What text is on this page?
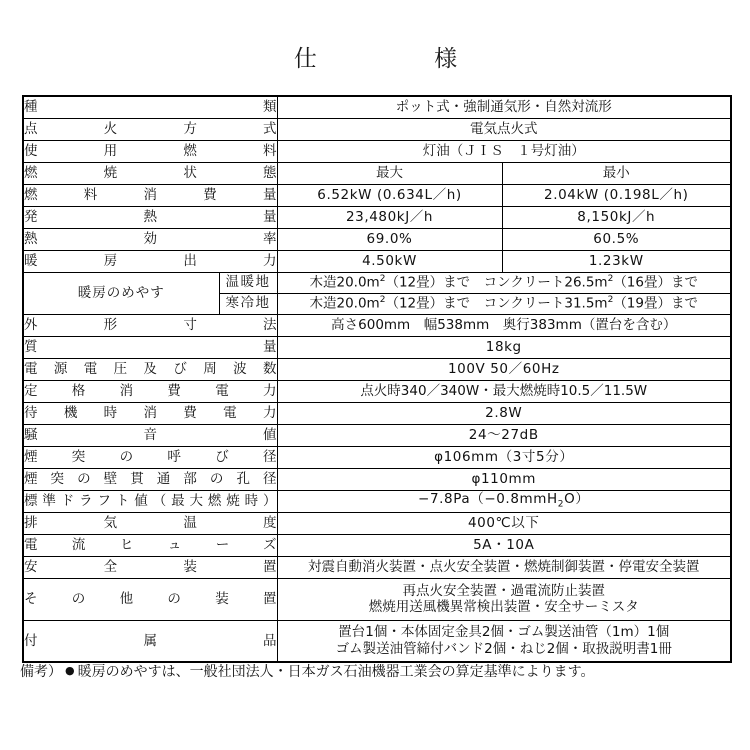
仕              様
種類		ポット式・強制通気形・自然対流形	
点火方式		電気点火式	
使用燃料		灯油（ＪＩＳ　１号灯油）	
燃焼状態		最大	最小
燃料消費量		6.52kW (0.634L／h)	2.04kW (0.198L／h)
発熱量		23,480kJ／h	8,150kJ／h
熱効率		69.0%	60.5%
暖房出力		4.50kW	1.23kW
暖房のめやす	温暖地	木造$20.0m^2(12$畳）まで　コンクリート$26.5m^2(16$畳）まで	
	寒冷地	木造$20.0m^2(12$畳）まで　コンクリート$31.5m^2(19$畳）まで	
外形寸法		高さ600mm　幅538mm　奥行383mm（置台を含む）	
質量		18kg	
電源電圧及び周波数		100V 50／60Hz	
定格消費電力		点火時340／340W・最大燃焼時10.5／11.5W	
待機時消費電力		2.8W	
騒音値		24〜27dB	
煙突の呼び径		φ106mm（3寸5分）	
煙突の壁貫通部の孔径		φ110mm	
標準ドラフト値（最大燃焼時）		−7.8Pa（−0.8mmH$_2$O）	
排気温度		400℃以下	
電流ヒューズ		5A・10A	
安全装置		対震自動消火装置・点火安全装置・燃焼制御装置・停電安全装置	
その他の装置		再点火安全装置・過電流防止装置
燃焼用送風機異常検出装置・安全サーミスタ	

付属品		置台1個・本体固定金具2個・ゴム製送油管（1m）1個
ゴム製送油管締付バンド2個・ねじ2個・取扱説明書1冊	
備考） ● 暖房のめやすは、一般社団法人・日本ガス石油機器工業会の算定基準によります。
